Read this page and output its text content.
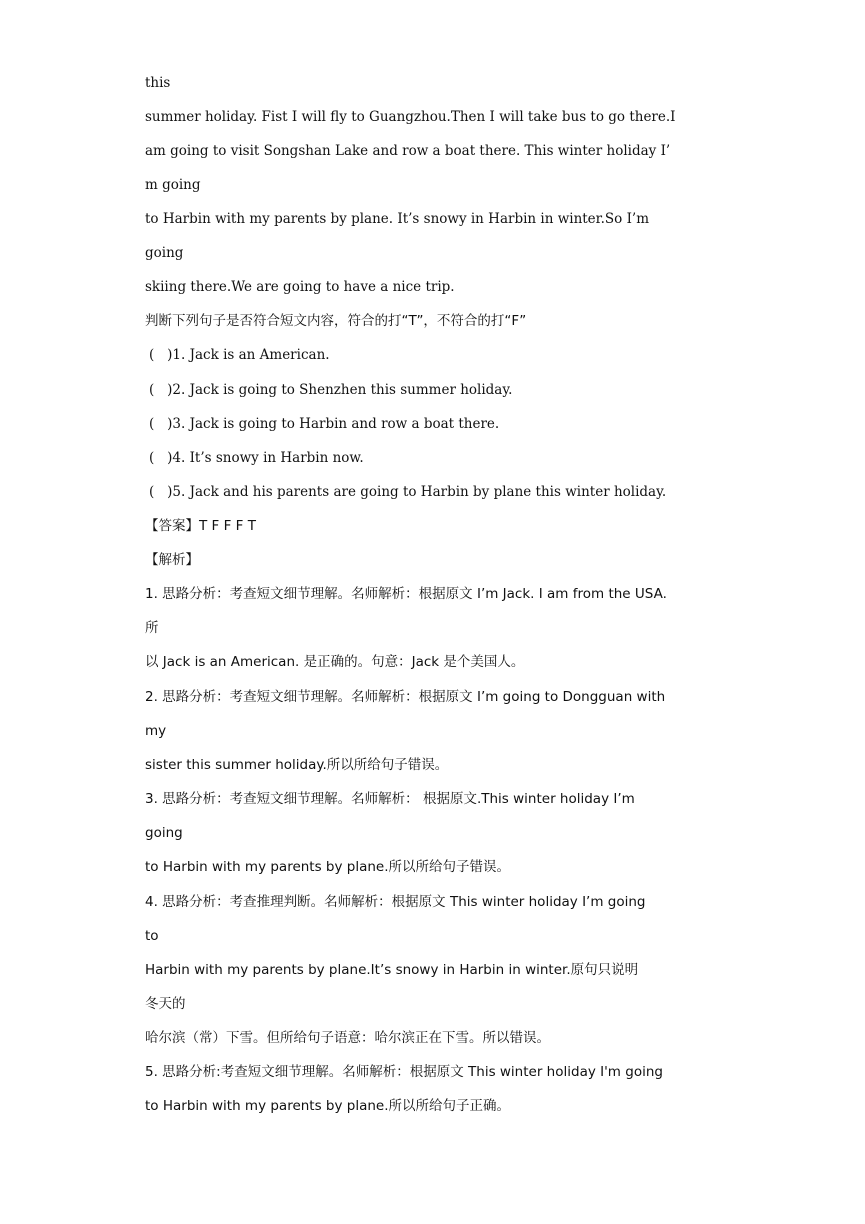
this

summer holiday. Fist I will fly to Guangzhou.Then I will take bus to go there.I

am going to visit Songshan Lake and row a boat there. This winter holiday I’

m going

to Harbin with my parents by plane. It’s snowy in Harbin in winter.So I’m

going

skiing there.We are going to have a nice trip.

判断下列句子是否符合短文内容，符合的打“T”，不符合的打“F”

(   )1. Jack is an American.

(   )2. Jack is going to Shenzhen this summer holiday.

(   )3. Jack is going to Harbin and row a boat there.

(   )4. It’s snowy in Harbin now.

(   )5. Jack and his parents are going to Harbin by plane this winter holiday.

【答案】T F F F T

【解析】

1. 思路分析：考查短文细节理解。名师解析：根据原文 I’m Jack. I am from the USA.

所

以 Jack is an American. 是正确的。句意：Jack 是个美国人。

2. 思路分析：考查短文细节理解。名师解析：根据原文 I’m going to Dongguan with

my

sister this summer holiday.所以所给句子错误。

3. 思路分析：考查短文细节理解。名师解析： 根据原文.This winter holiday I’m

going

to Harbin with my parents by plane.所以所给句子错误。

4. 思路分析：考查推理判断。名师解析：根据原文 This winter holiday I’m going

to

Harbin with my parents by plane.It’s snowy in Harbin in winter.原句只说明

冬天的

哈尔滨（常）下雪。但所给句子语意：哈尔滨正在下雪。所以错误。

5. 思路分析:考查短文细节理解。名师解析：根据原文 This winter holiday I'm going

to Harbin with my parents by plane.所以所给句子正确。
